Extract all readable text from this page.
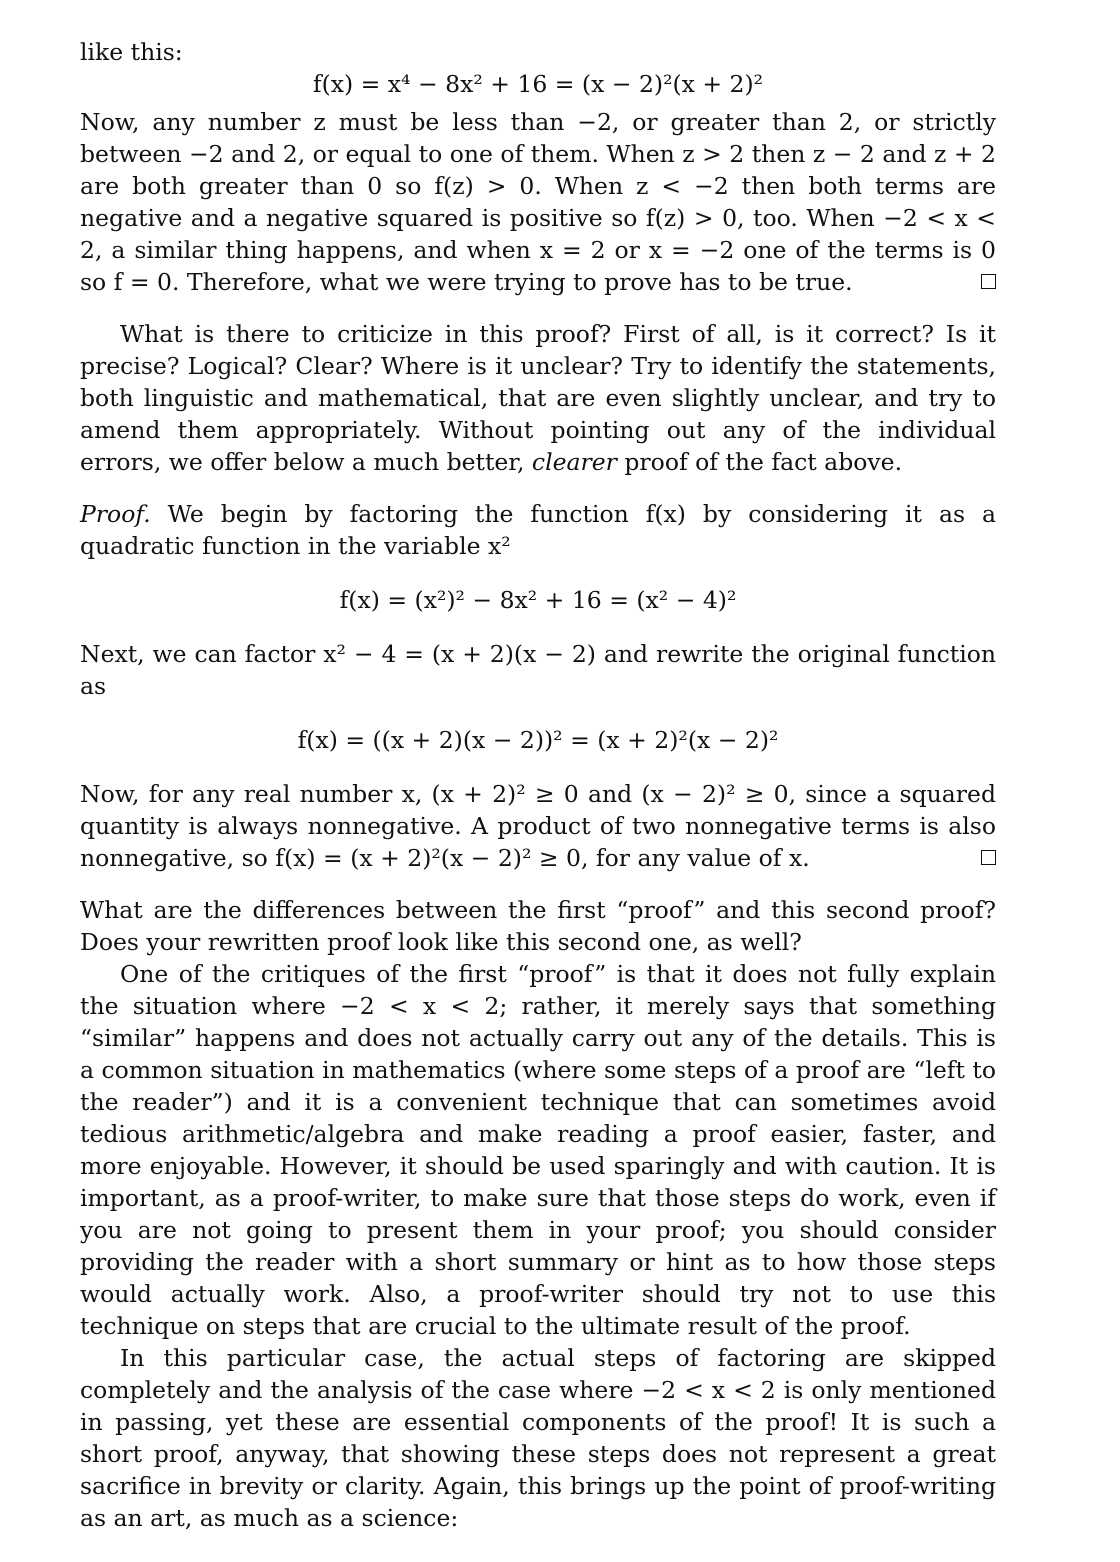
like this:

f(x) = x⁴ − 8x² + 16 = (x − 2)²(x + 2)²

Now, any number z must be less than −2, or greater than 2, or strictly between −2 and 2, or equal to one of them. When z > 2 then z − 2 and z + 2 are both greater than 0 so f(z) > 0. When z < −2 then both terms are negative and a negative squared is positive so f(z) > 0, too. When −2 < x < 2, a similar thing happens, and when x = 2 or x = −2 one of the terms is 0 so f = 0. Therefore, what we were trying to prove has to be true.

What is there to criticize in this proof? First of all, is it correct? Is it precise? Logical? Clear? Where is it unclear? Try to identify the statements, both linguistic and mathematical, that are even slightly unclear, and try to amend them appropriately. Without pointing out any of the individual errors, we offer below a much better, clearer proof of the fact above.

Proof. We begin by factoring the function f(x) by considering it as a quadratic function in the variable x²

f(x) = (x²)² − 8x² + 16 = (x² − 4)²

Next, we can factor x² − 4 = (x + 2)(x − 2) and rewrite the original function as

f(x) = ((x + 2)(x − 2))² = (x + 2)²(x − 2)²

Now, for any real number x, (x + 2)² ≥ 0 and (x − 2)² ≥ 0, since a squared quantity is always nonnegative. A product of two nonnegative terms is also nonnegative, so f(x) = (x + 2)²(x − 2)² ≥ 0, for any value of x.

What are the differences between the first “proof” and this second proof? Does your rewritten proof look like this second one, as well?

One of the critiques of the first “proof” is that it does not fully explain the situation where −2 < x < 2; rather, it merely says that something “similar” happens and does not actually carry out any of the details. This is a common situation in mathematics (where some steps of a proof are “left to the reader”) and it is a convenient technique that can sometimes avoid tedious arithmetic/algebra and make reading a proof easier, faster, and more enjoyable. However, it should be used sparingly and with caution. It is important, as a proof-writer, to make sure that those steps do work, even if you are not going to present them in your proof; you should consider providing the reader with a short summary or hint as to how those steps would actually work. Also, a proof-writer should try not to use this technique on steps that are crucial to the ultimate result of the proof.

In this particular case, the actual steps of factoring are skipped completely and the analysis of the case where −2 < x < 2 is only mentioned in passing, yet these are essential components of the proof! It is such a short proof, anyway, that showing these steps does not represent a great sacrifice in brevity or clarity. Again, this brings up the point of proof-writing as an art, as much as a science:
